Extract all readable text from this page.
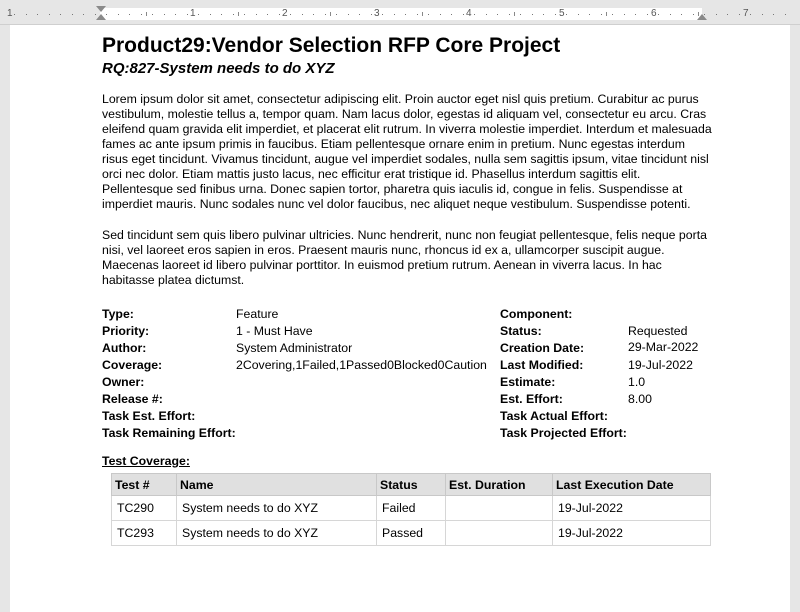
1	1	2	3	4	5	6	7
Product29:Vendor Selection RFP Core Project
RQ:827-System needs to do XYZ

Lorem ipsum dolor sit amet, consectetur adipiscing elit. Proin auctor eget nisl quis pretium. Curabitur ac purus vestibulum, molestie tellus a, tempor quam. Nam lacus dolor, egestas id aliquam vel, consectetur eu arcu. Cras eleifend quam gravida elit imperdiet, et placerat elit rutrum. In viverra molestie imperdiet. Interdum et malesuada fames ac ante ipsum primis in faucibus. Etiam pellentesque ornare enim in pretium. Nunc egestas interdum risus eget tincidunt. Vivamus tincidunt, augue vel imperdiet sodales, nulla sem sagittis ipsum, vitae tincidunt nisl orci nec dolor. Etiam mattis justo lacus, nec efficitur erat tristique id. Phasellus interdum sagittis elit. Pellentesque sed finibus urna. Donec sapien tortor, pharetra quis iaculis id, congue in felis. Suspendisse at imperdiet mauris. Nunc sodales nunc vel dolor faucibus, nec aliquet neque vestibulum. Suspendisse potenti.

Sed tincidunt sem quis libero pulvinar ultricies. Nunc hendrerit, nunc non feugiat pellentesque, felis neque porta nisi, vel laoreet eros sapien in eros. Praesent mauris nunc, rhoncus id ex a, ullamcorper suscipit augue. Maecenas laoreet id libero pulvinar porttitor. In euismod pretium rutrum. Aenean in viverra lacus. In hac habitasse platea dictumst.

Type:	Feature	Component:	
Priority:	1 - Must Have	Status:	Requested
Author:	System Administrator	Creation Date:	29-Mar-2022
Coverage:	2Covering,1Failed,1Passed0Blocked0Caution	Last Modified:	19-Jul-2022
Owner:		Estimate:	1.0
Release #:		Est. Effort:	8.00
Task Est. Effort:		Task Actual Effort:	
Task Remaining Effort:		Task Projected Effort:	
Test Coverage:
Test #	Name	Status	Est. Duration	Last Execution Date
TC290	System needs to do XYZ	Failed		19-Jul-2022
TC293	System needs to do XYZ	Passed		19-Jul-2022
